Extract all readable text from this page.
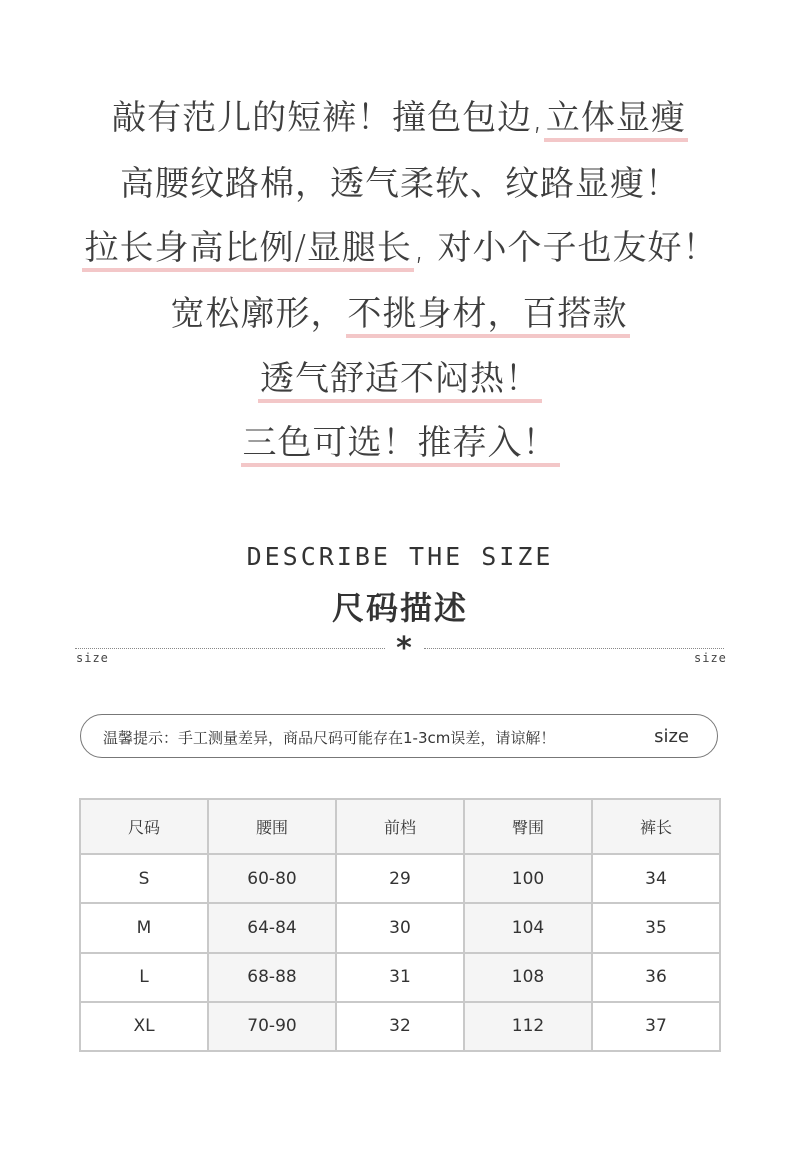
敲有范儿的短裤！撞色包边,立体显瘦
高腰纹路棉，透气柔软、纹路显瘦！
拉长身高比例/显腿长, 对小个子也友好！
宽松廓形，不挑身材，百搭款
透气舒适不闷热！
三色可选！推荐入！
DESCRIBE THE SIZE
尺码描述
*
size	size
温馨提示：手工测量差异，商品尺码可能存在1-3cm误差，请谅解！	size
尺码	腰围	前档	臀围	裤长
S	60-80	29	100	34
M	64-84	30	104	35
L	68-88	31	108	36
XL	70-90	32	112	37
